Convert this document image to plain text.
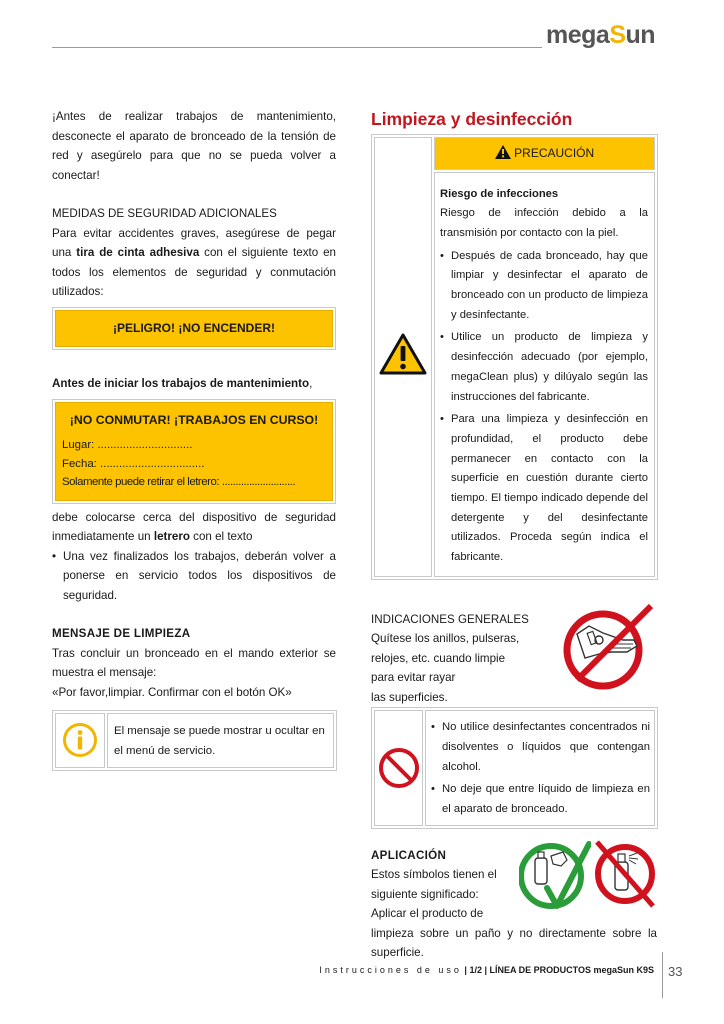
megaSun

¡Antes de realizar trabajos de mantenimiento, desconecte el aparato de bronceado de la tensión de red y asegúrelo para que no se pueda volver a conectar!

MEDIDAS DE SEGURIDAD ADICIONALES

Para evitar accidentes graves, asegúrese de pegar una tira de cinta adhesiva con el siguiente texto en todos los elementos de seguridad y conmutación utilizados:

¡PELIGRO! ¡NO ENCENDER!

Antes de iniciar los trabajos de mantenimiento,

¡NO CONMUTAR! ¡TRABAJOS EN CURSO!
Lugar: ..............................
Fecha: .................................
Solamente puede retirar el letrero: ...........................

debe colocarse cerca del dispositivo de seguridad inmediatamente un letrero con el texto

• Una vez finalizados los trabajos, deberán volver a ponerse en servicio todos los dispositivos de seguridad.

MENSAJE DE LIMPIEZA

Tras concluir un bronceado en el mando exterior se muestra el mensaje:

«Por favor,limpiar. Confirmar con el botón OK»

	El mensaje se puede mostrar u ocultar en el menú de servicio.
Limpieza y desinfección
	PRECAUCIÓN

Riesgo de infecciones
Riesgo de infección debido a la transmisión por contacto con la piel.
• Después de cada bronceado, hay que limpiar y desinfectar el aparato de bronceado con un producto de limpieza y desinfectante.
• Utilice un producto de limpieza y desinfección adecuado (por ejemplo, megaClean plus) y dilúyalo según las instrucciones del fabricante.
• Para una limpieza y desinfección en profundidad, el producto debe permanecer en contacto con la superficie en cuestión durante cierto tiempo. El tiempo indicado depende del detergente y del desinfectante utilizados. Proceda según indica el fabricante.
INDICACIONES GENERALES
Quítese los anillos, pulseras,
relojes, etc. cuando limpie
para evitar rayar
las superficies.

• No utilice desinfectantes concentrados ni disolventes o líquidos que contengan alcohol.
• No deje que entre líquido de limpieza en el aparato de bronceado.
APLICACIÓN
Estos símbolos tienen el
siguiente significado:
Aplicar el producto de
limpieza sobre un paño y no directamente sobre la superficie.
Instrucciones de uso | 1/2 | LÍNEA DE PRODUCTOS megaSun K9S 33
